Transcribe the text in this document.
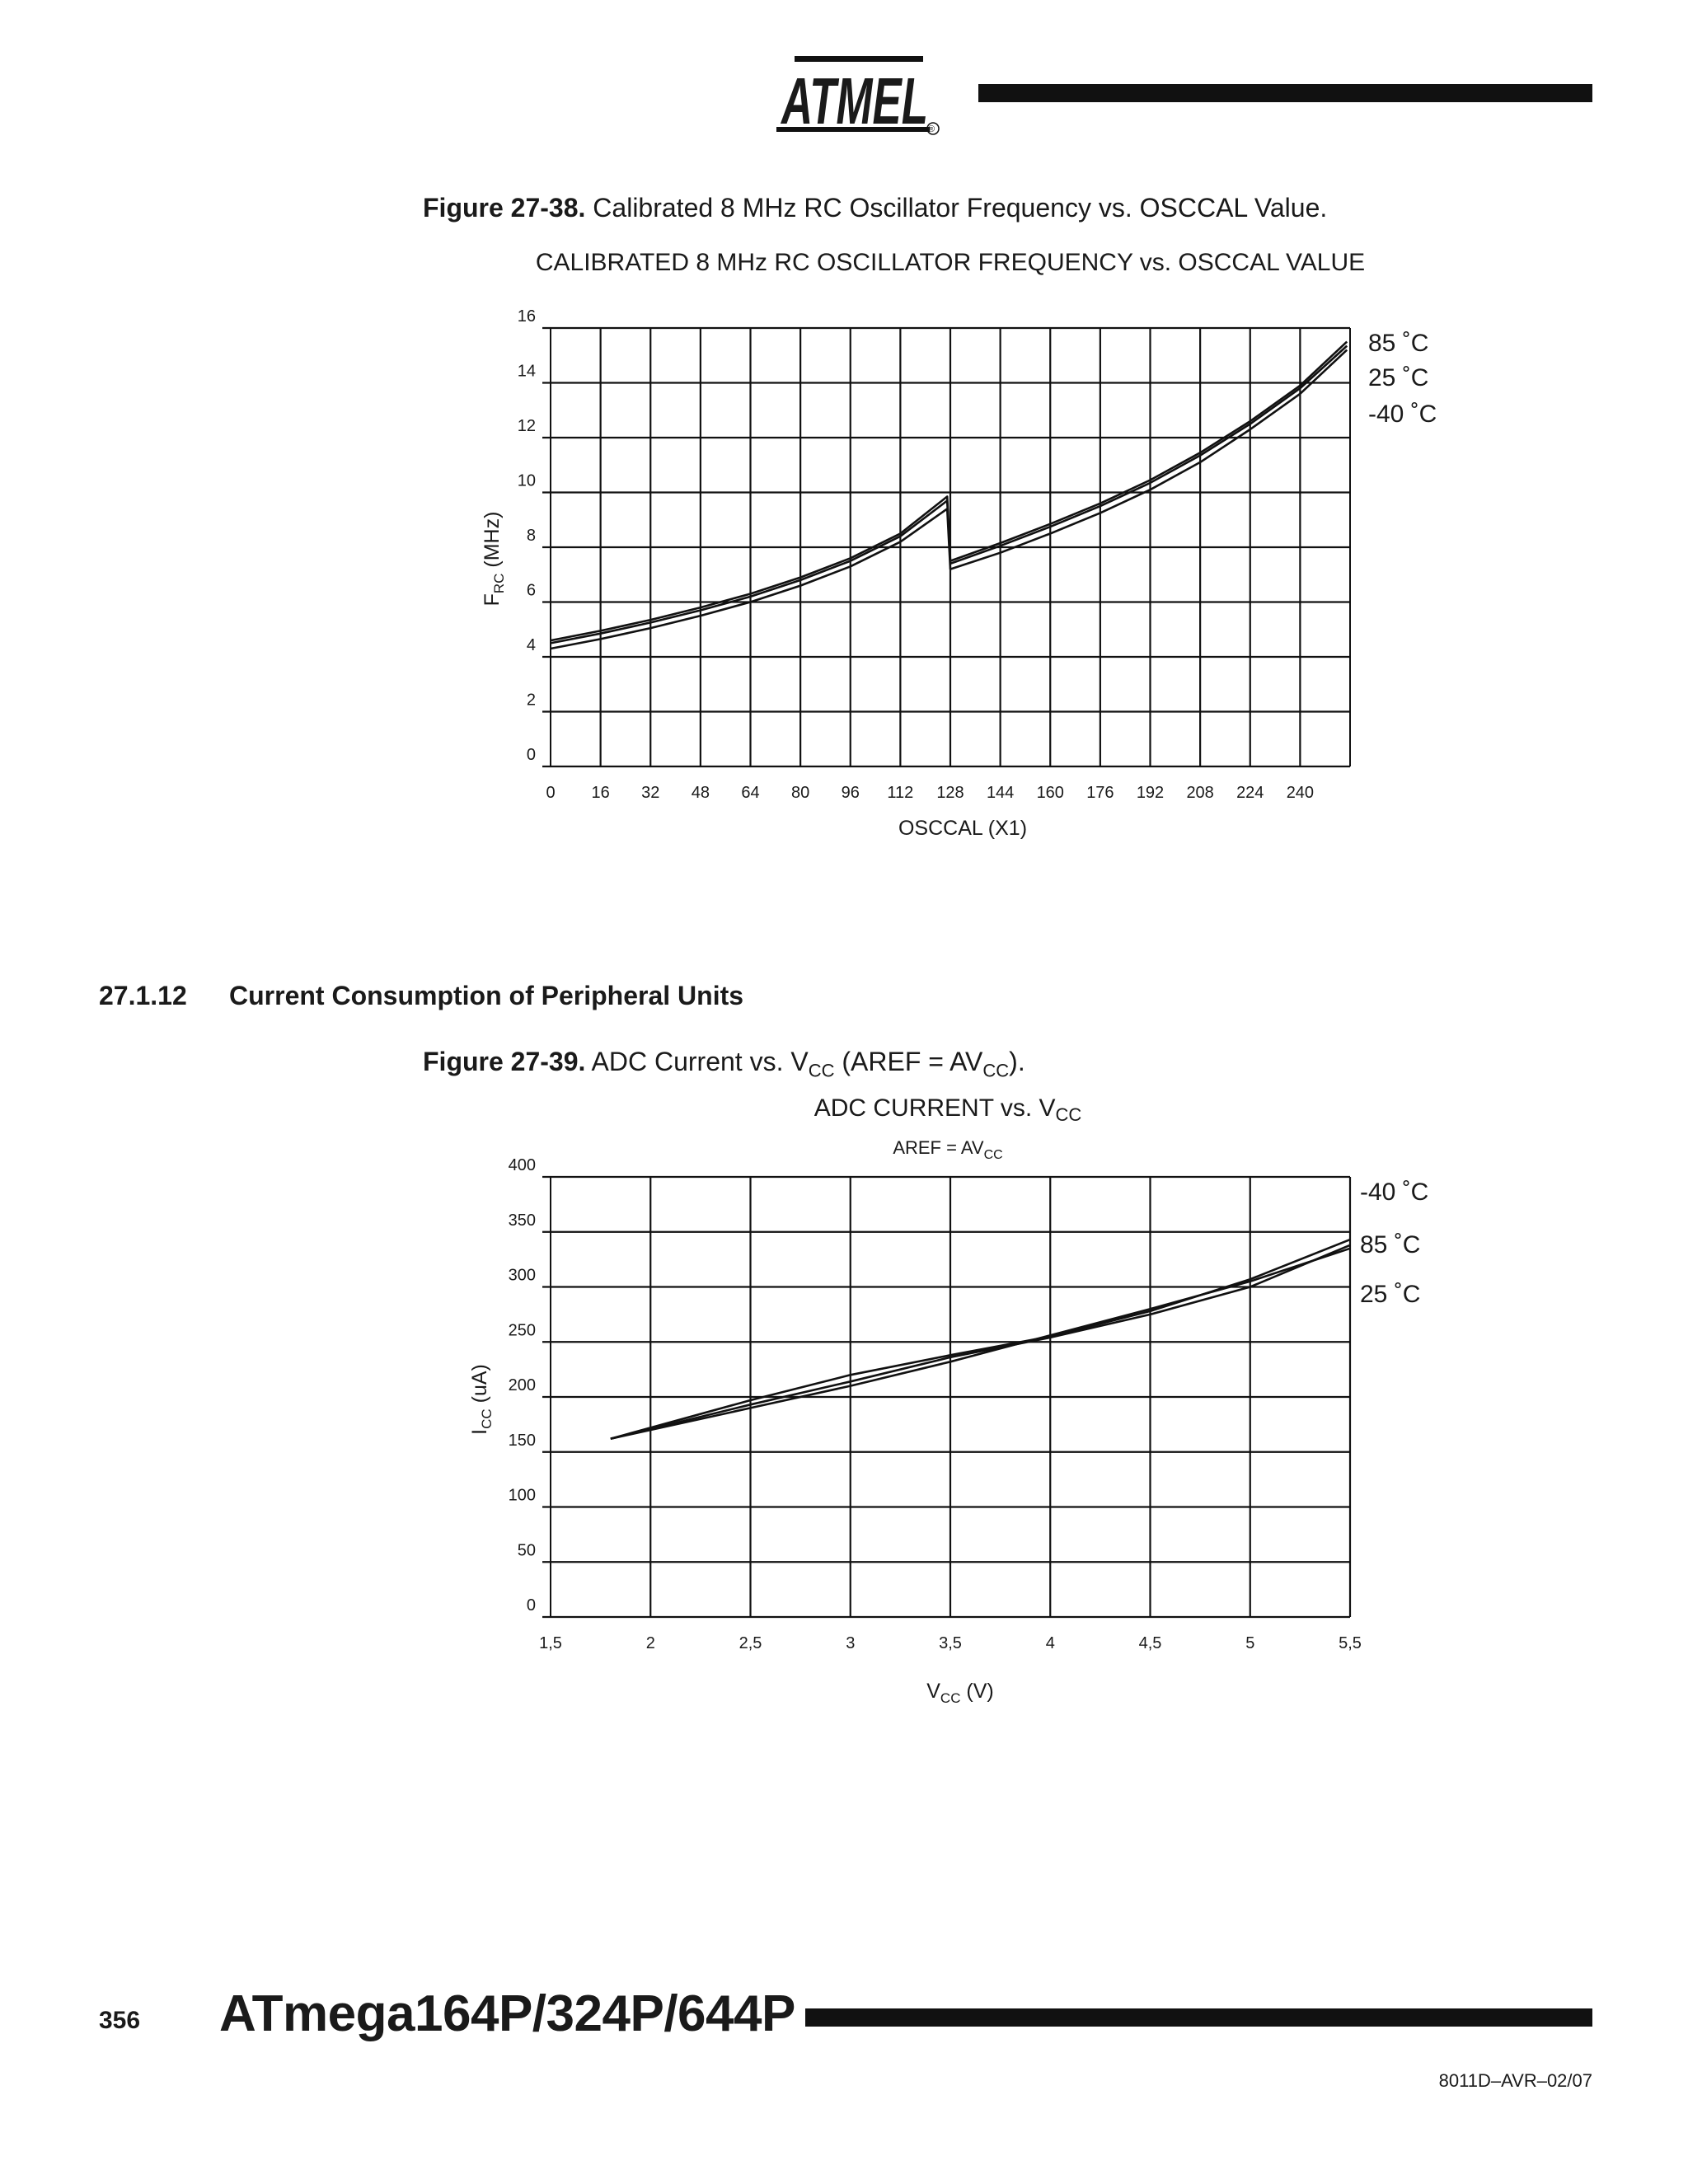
ATMEL ®
Figure 27-38. Calibrated 8 MHz RC Oscillator Frequency vs. OSCCAL Value.
CALIBRATED 8 MHz RC OSCILLATOR FREQUENCY vs. OSCCAL VALUE
0 16 32 48 64 80 96 112 128 144 160 176 192 208 224 240
0
2
4
6
8
10
12
14
16
85 ˚C
25 ˚C
-40 ˚C
OSCCAL (X1)
$F_{RC}$ (MHz)
27.1.12 Current Consumption of Peripheral Units
Figure 27-39. ADC Current vs. $V_{CC}$ (AREF = $AV_{CC}$).
ADC CURRENT vs. $V_{CC}$
AREF = $AV_{CC}$
1,5	2	2,5	3	3,5	4	4,5	5	5,5
0
50
100
150
200
250
300
350
400
-40 ˚C
85 ˚C
25 ˚C
$V_{CC}$ (V)
$I_{CC}$ (uA)
356 ATmega164P/324P/644P
8011D–AVR–02/07
